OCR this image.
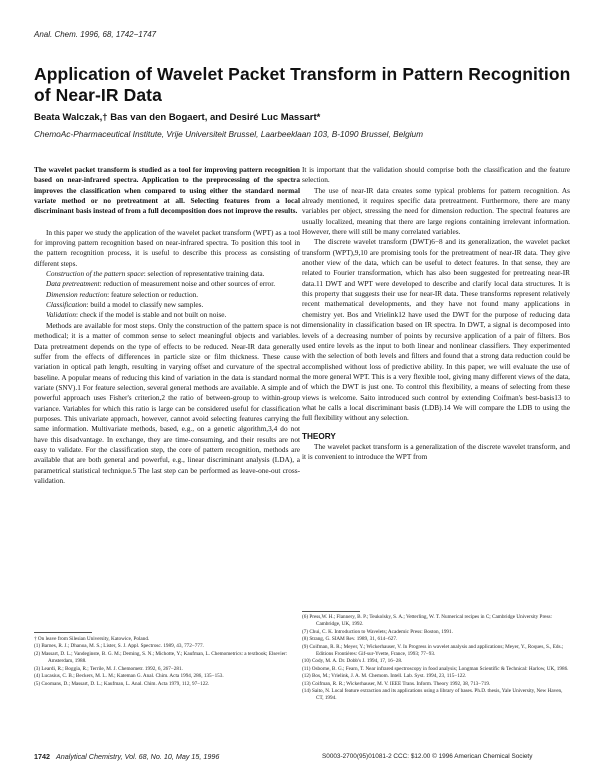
Anal. Chem. 1996, 68, 1742−1747
Application of Wavelet Packet Transform in Pattern Recognition of Near-IR Data
Beata Walczak,† Bas van den Bogaert, and Desiré Luc Massart*
ChemoAc-Pharmaceutical Institute, Vrije Universiteit Brussel, Laarbeeklaan 103, B-1090 Brussel, Belgium

The wavelet packet transform is studied as a tool for improving pattern recognition based on near-infrared spectra. Application to the preprocessing of the spectra improves the classification when compared to using either the standard normal variate method or no pretreatment at all. Selecting features from a local discriminant basis instead of from a full decomposition does not improve the results.

In this paper we study the application of the wavelet packet transform (WPT) as a tool for improving pattern recognition based on near-infrared spectra. To position this tool in the pattern recognition process, it is useful to describe this process as consisting of different steps.

Construction of the pattern space: selection of representative training data.

Data pretreatment: reduction of measurement noise and other sources of error.

Dimension reduction: feature selection or reduction.

Classification: build a model to classify new samples.

Validation: check if the model is stable and not built on noise.

Methods are available for most steps. Only the construction of the pattern space is not methodical; it is a matter of common sense to select meaningful objects and variables. Data pretreatment depends on the type of effects to be reduced. Near-IR data generally suffer from the effects of differences in particle size or film thickness. These cause variation in optical path length, resulting in varying offset and curvature of the spectral baseline. A popular means of reducing this kind of variation in the data is standard normal variate (SNV).1 For feature selection, several general methods are available. A simple and powerful approach uses Fisher's criterion,2 the ratio of between-group to within-group variance. Variables for which this ratio is large can be considered useful for classification purposes. This univariate approach, however, cannot avoid selecting features carrying the same information. Multivariate methods, based, e.g., on a genetic algorithm,3,4 do not have this disadvantage. In exchange, they are time-consuming, and their results are not easy to validate. For the classification step, the core of pattern recognition, methods are available that are both general and powerful, e.g., linear discriminant analysis (LDA), a parametrical statistical technique.5 The last step can be performed as leave-one-out cross-validation.

† On leave from Silesian University, Katowice, Poland.
(1) Barnes, R. J.; Dhanoa, M. S.; Lister, S. J. Appl. Spectrosc. 1989, 43, 772−777.
(2) Massart, D. L.; Vandeginste, B. G. M.; Deming, S. N.; Michotte, Y.; Kaufman, L. Chemometrics: a textbook; Elsevier: Amsterdam, 1988.
(3) Leardi, R.; Boggia, R.; Terrile, M. J. Chemometr. 1992, 6, 267−281.
(4) Lucasius, C. B.; Beckers, M. L. M.; Kateman G. Anal. Chim. Acta 1994, 286, 135−153.
(5) Coomans, D.; Massart, D. L.; Kaufman, L. Anal. Chim. Acta 1979, 112, 97−122.

It is important that the validation should comprise both the classification and the feature selection.

The use of near-IR data creates some typical problems for pattern recognition. As already mentioned, it requires specific data pretreatment. Furthermore, there are many variables per object, stressing the need for dimension reduction. The spectral features are usually localized, meaning that there are large regions containing irrelevant information. However, there will still be many correlated variables.

The discrete wavelet transform (DWT)6−8 and its generalization, the wavelet packet transform (WPT),9,10 are promising tools for the pretreatment of near-IR data. They give another view of the data, which can be useful to detect features. In that sense, they are related to Fourier transformation, which has also been suggested for pretreating near-IR data.11 DWT and WPT were developed to describe and clarify local data structures. It is this property that suggests their use for near-IR data. These transforms represent relatively recent mathematical developments, and they have not found many applications in chemistry yet. Bos and Vrielink12 have used the DWT for the purpose of reducing data dimensionality in classification based on IR spectra. In DWT, a signal is decomposed into levels of a decreasing number of points by recursive application of a pair of filters. Bos used entire levels as the input to both linear and nonlinear classifiers. They experimented with the selection of both levels and filters and found that a strong data reduction could be accomplished without loss of predictive ability. In this paper, we will evaluate the use of the more general WPT. This is a very flexible tool, giving many different views of the data, of which the DWT is just one. To control this flexibility, a means of selecting from these views is welcome. Saito introduced such control by extending Coifman's best-basis13 to what he calls a local discriminant basis (LDB).14 We will compare the LDB to using the full flexibility without any selection.

THEORY

The wavelet packet transform is a generalization of the discrete wavelet transform, and it is convenient to introduce the WPT from

(6) Press,W. H.; Flannery, B. P.; Teukolsky, S. A.; Vetterling, W. T. Numerical recipes in C; Cambridge University Press: Cambridge, UK, 1992.
(7) Chui, C. K. Introduction to Wavelets; Academic Press: Boston, 1991.
(8) Strang, G. SIAM Rev. 1989, 31, 614−627.
(9) Coifman, R. R.; Meyer, Y.; Wickerhauser, V. In Progress in wavelet analysis and applications; Meyer, Y., Roques, S., Eds.; Editions Frontières: Gif-sur-Yvette, France, 1993; 77−93.
(10) Cody, M. A. Dr. Dobb's J. 1994, 17, 16−28.
(11) Osborne, B. G.; Fearn, T. Near infrared spectroscopy in food analysis; Longman Scientific & Technical: Harlow, UK, 1986.
(12) Bos, M.; Vrielink, J. A. M. Chemom. Intell. Lab. Syst. 1994, 23, 115−122.
(13) Coifman, R. R.; Wickerhauser, M. V. IEEE Trans. Inform. Theory 1992, 38, 713−719.
(14) Saito, N. Local feature extraction and its applications using a library of bases. Ph.D. thesis, Yale University, New Haven, CT, 1994.
1742 Analytical Chemistry, Vol. 68, No. 10, May 15, 1996	S0003-2700(95)01081-2 CCC: $12.00 © 1996 American Chemical Society
